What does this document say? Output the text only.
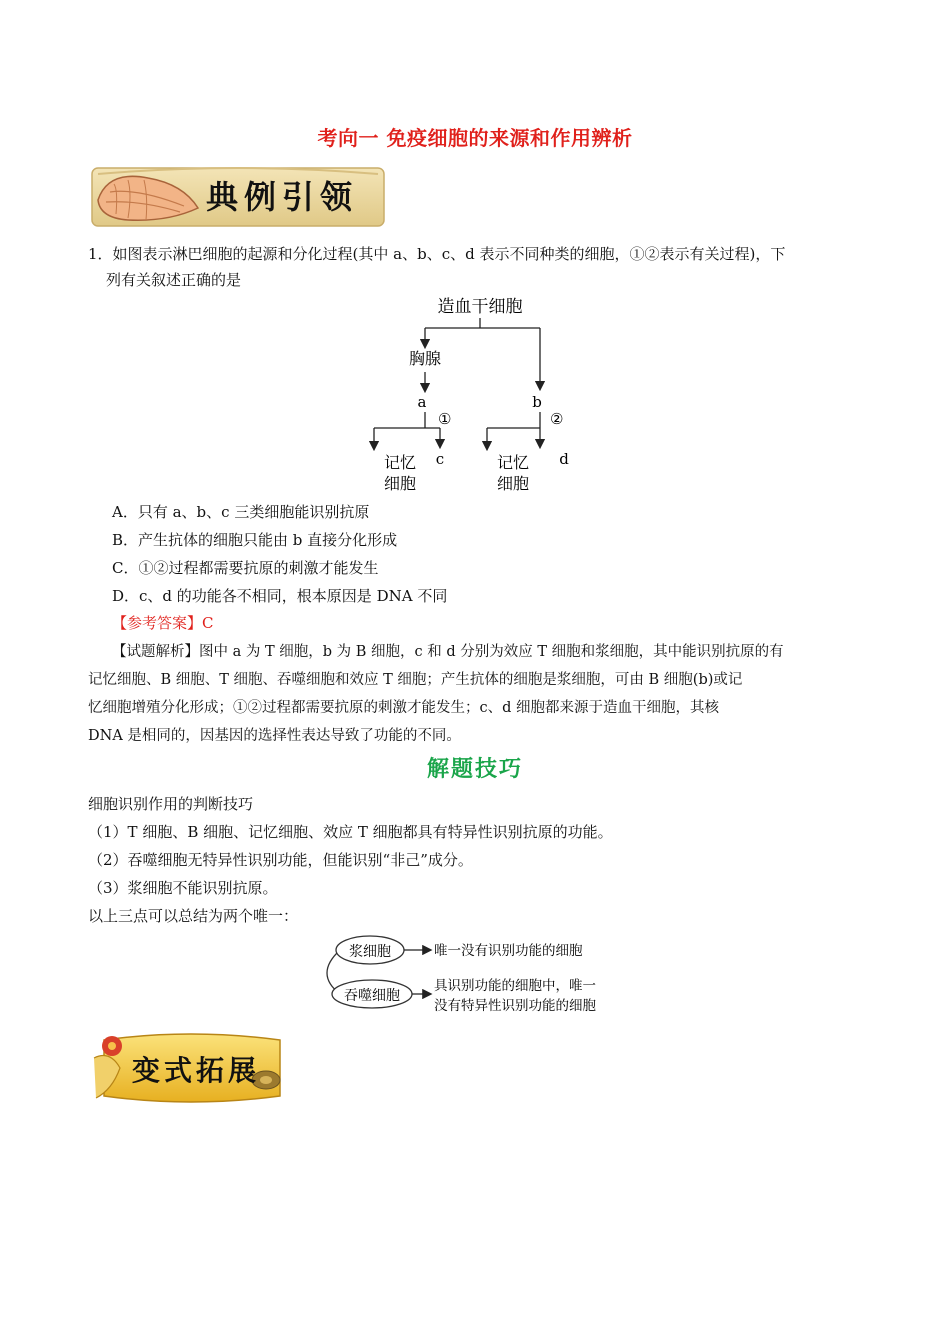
考向一 免疫细胞的来源和作用辨析
典例引领
1．如图表示淋巴细胞的起源和分化过程(其中 a、b、c、d 表示不同种类的细胞，①②表示有关过程)，下
列有关叙述正确的是
造血干细胞
胸腺
a	b
①	②
记忆
细胞
c	记忆
细胞
d
A．只有 a、b、c 三类细胞能识别抗原
B．产生抗体的细胞只能由 b 直接分化形成
C．①②过程都需要抗原的刺激才能发生
D．c、d 的功能各不相同，根本原因是 DNA 不同
【参考答案】C
【试题解析】图中 a 为 T 细胞，b 为 B 细胞，c 和 d 分别为效应 T 细胞和浆细胞，其中能识别抗原的有
记忆细胞、B 细胞、T 细胞、吞噬细胞和效应 T 细胞；产生抗体的细胞是浆细胞，可由 B 细胞(b)或记
忆细胞增殖分化形成；①②过程都需要抗原的刺激才能发生；c、d 细胞都来源于造血干细胞，其核
DNA 是相同的，因基因的选择性表达导致了功能的不同。
解题技巧
细胞识别作用的判断技巧
（1）T 细胞、B 细胞、记忆细胞、效应 T 细胞都具有特异性识别抗原的功能。
（2）吞噬细胞无特异性识别功能，但能识别“非己”成分。
（3）浆细胞不能识别抗原。
以上三点可以总结为两个唯一：
浆细胞
吞噬细胞
唯一没有识别功能的细胞
具识别功能的细胞中，唯一
没有特异性识别功能的细胞
变式拓展
